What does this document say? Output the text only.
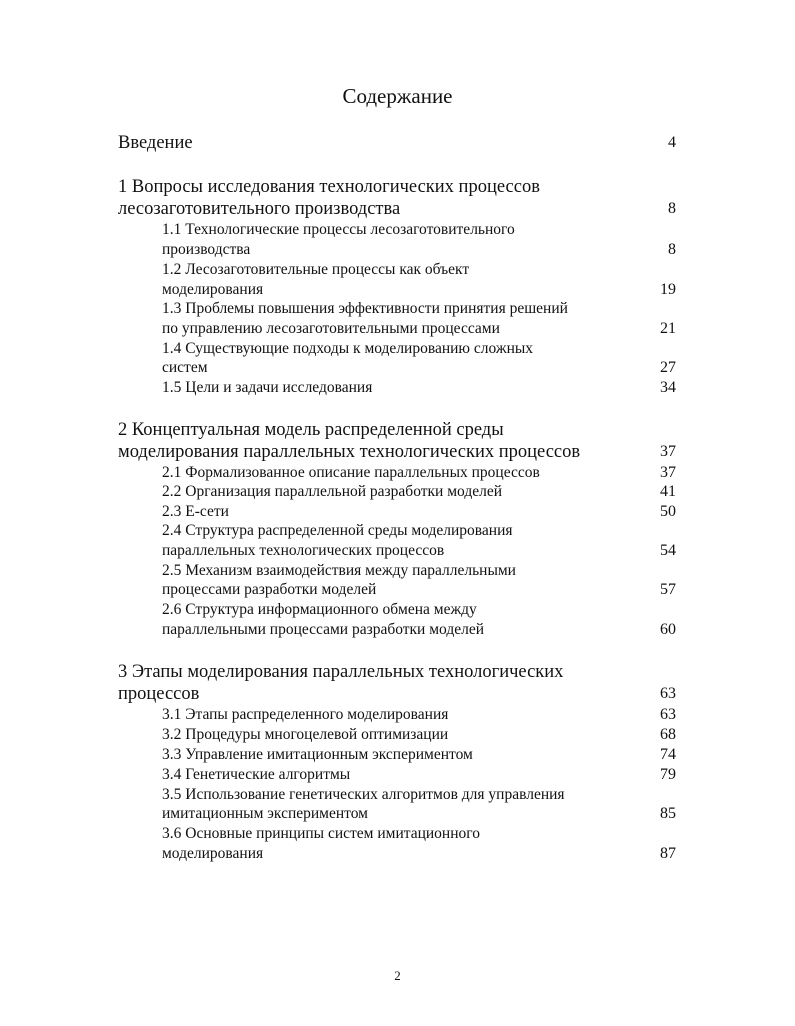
Содержание
Введение	4
1 Вопросы исследования технологических процессов
лесозаготовительного производства	8
1.1 Технологические процессы лесозаготовительного
производства	8
1.2 Лесозаготовительные процессы как объект
моделирования	19
1.3 Проблемы повышения эффективности принятия решений
по управлению лесозаготовительными процессами	21
1.4 Существующие подходы к моделированию сложных
систем	27
1.5 Цели и задачи исследования	34
2 Концептуальная модель распределенной среды
моделирования параллельных технологических процессов	37
2.1 Формализованное описание параллельных процессов	37
2.2 Организация параллельной разработки моделей	41
2.3 Е-сети	50
2.4 Структура распределенной среды моделирования
параллельных технологических процессов	54
2.5 Механизм взаимодействия между параллельными
процессами разработки моделей	57
2.6 Структура информационного обмена между
параллельными процессами разработки моделей	60
3 Этапы моделирования параллельных технологических
процессов	63
3.1 Этапы распределенного моделирования	63
3.2 Процедуры многоцелевой оптимизации	68
3.3 Управление имитационным экспериментом	74
3.4 Генетические алгоритмы	79
3.5 Использование генетических алгоритмов для управления
имитационным экспериментом	85
3.6 Основные принципы систем имитационного
моделирования	87
2
